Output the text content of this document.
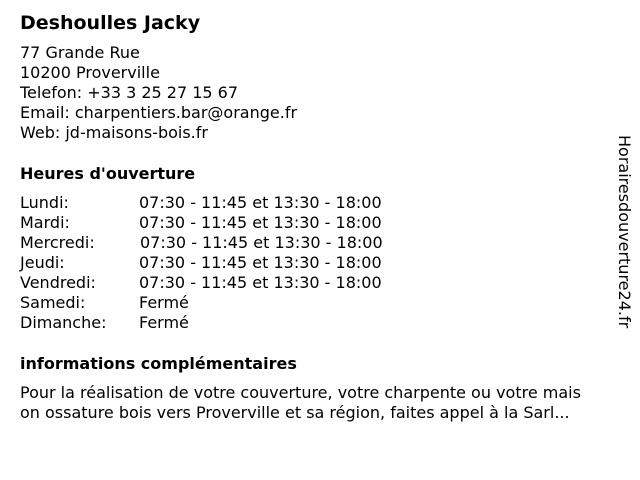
Deshoulles Jacky
77 Grande Rue
10200 Proverville
Telefon: +33 3 25 27 15 67
Email: charpentiers.bar@orange.fr
Web: jd-maisons-bois.fr
Heures d'ouverture
Lundi:	07:30 - 11:45 et 13:30 - 18:00
Mardi:	07:30 - 11:45 et 13:30 - 18:00
Mercredi:	07:30 - 11:45 et 13:30 - 18:00
Jeudi:	07:30 - 11:45 et 13:30 - 18:00
Vendredi:	07:30 - 11:45 et 13:30 - 18:00
Samedi:	Fermé
Dimanche: Fermé
informations complémentaires
Pour la réalisation de votre couverture, votre charpente ou votre mais
on ossature bois vers Proverville et sa région, faites appel à la Sarl...
Horairesdouverture24.fr
